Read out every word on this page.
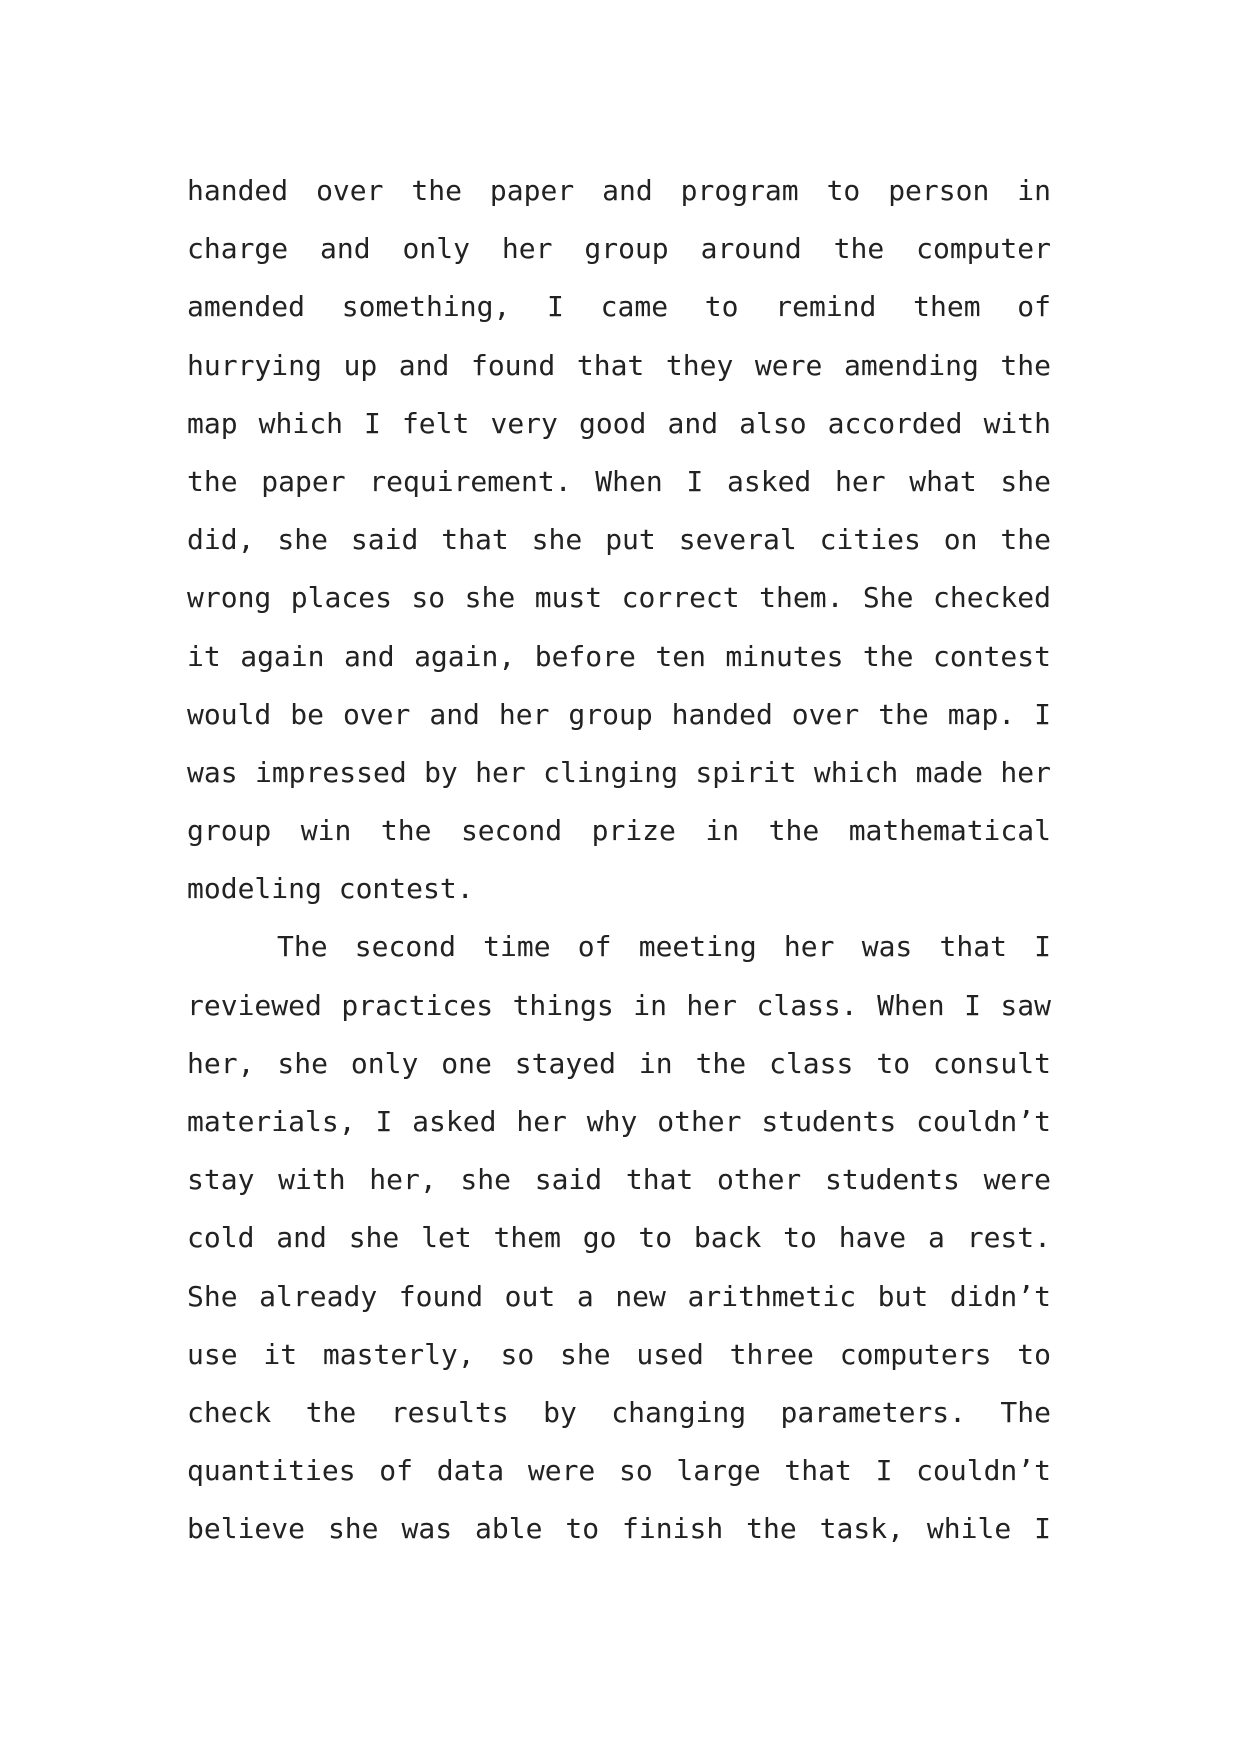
handed over the paper and program to person in
charge and only her group around the computer
amended something, I came to remind them of
hurrying up and found that they were amending the
map which I felt very good and also accorded with
the paper requirement. When I asked her what she
did, she said that she put several cities on the
wrong places so she must correct them. She checked
it again and again, before ten minutes the contest
would be over and her group handed over the map. I
was impressed by her clinging spirit which made her
group win the second prize in the mathematical
modeling contest.
The second time of meeting her was that I
reviewed practices things in her class. When I saw
her, she only one stayed in the class to consult
materials, I asked her why other students couldn’t
stay with her, she said that other students were
cold and she let them go to back to have a rest.
She already found out a new arithmetic but didn’t
use it masterly, so she used three computers to
check the results by changing parameters. The
quantities of data were so large that I couldn’t
believe she was able to finish the task, while I
